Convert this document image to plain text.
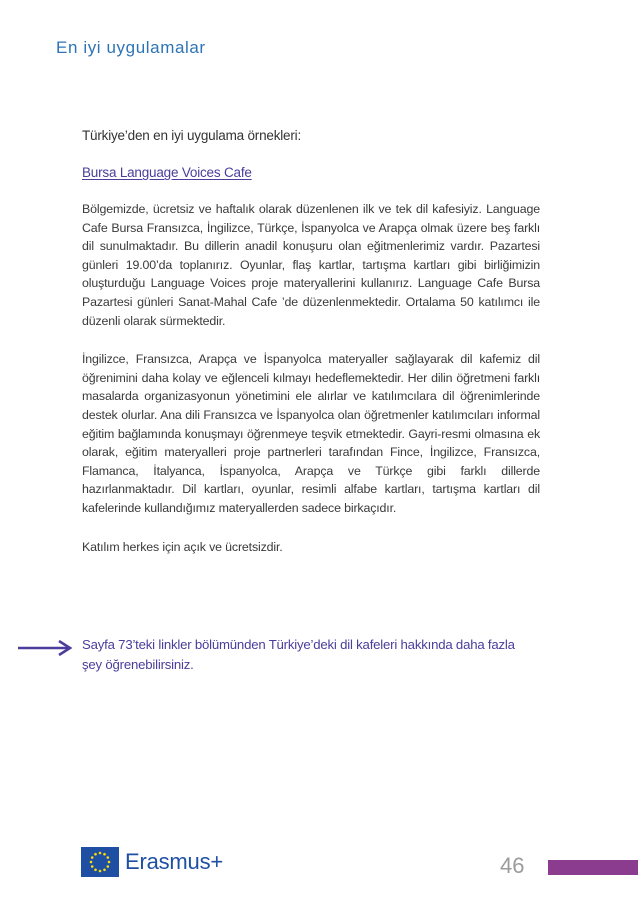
En iyi uygulamalar

Türkiye’den en iyi uygulama örnekleri:

Bursa Language Voices Cafe

Bölgemizde, ücretsiz ve haftalık olarak düzenlenen ilk ve tek dil kafesiyiz. Language Cafe Bursa Fransızca, İngilizce, Türkçe, İspanyolca ve Arapça olmak üzere beş farklı dil sunulmaktadır. Bu dillerin anadil konuşuru olan eğitmenlerimiz vardır. Pazartesi günleri 19.00’da toplanırız. Oyunlar, flaş kartlar, tartışma kartları gibi birliğimizin oluşturduğu Language Voices proje materyallerini kullanırız. Language Cafe Bursa Pazartesi günleri Sanat-Mahal Cafe ’de düzenlenmektedir. Ortalama 50 katılımcı ile düzenli olarak sürmektedir.

İngilizce, Fransızca, Arapça ve İspanyolca materyaller sağlayarak dil kafemiz dil öğrenimini daha kolay ve eğlenceli kılmayı hedeflemektedir. Her dilin öğretmeni farklı masalarda organizasyonun yönetimini ele alırlar ve katılımcılara dil öğrenimlerinde destek olurlar. Ana dili Fransızca ve İspanyolca olan öğretmenler katılımcıları informal eğitim bağlamında konuşmayı öğrenmeye teşvik etmektedir. Gayri-resmi olmasına ek olarak, eğitim materyalleri proje partnerleri tarafından Fince, İngilizce, Fransızca, Flamanca, İtalyanca, İspanyolca, Arapça ve Türkçe gibi farklı dillerde hazırlanmaktadır. Dil kartları, oyunlar, resimli alfabe kartları, tartışma kartları dil kafelerinde kullandığımız materyallerden sadece birkaçıdır.

Katılım herkes için açık ve ücretsizdir.

Sayfa 73’teki linkler bölümünden Türkiye’deki dil kafeleri hakkında daha fazla şey öğrenebilirsiniz.
Erasmus+	46
